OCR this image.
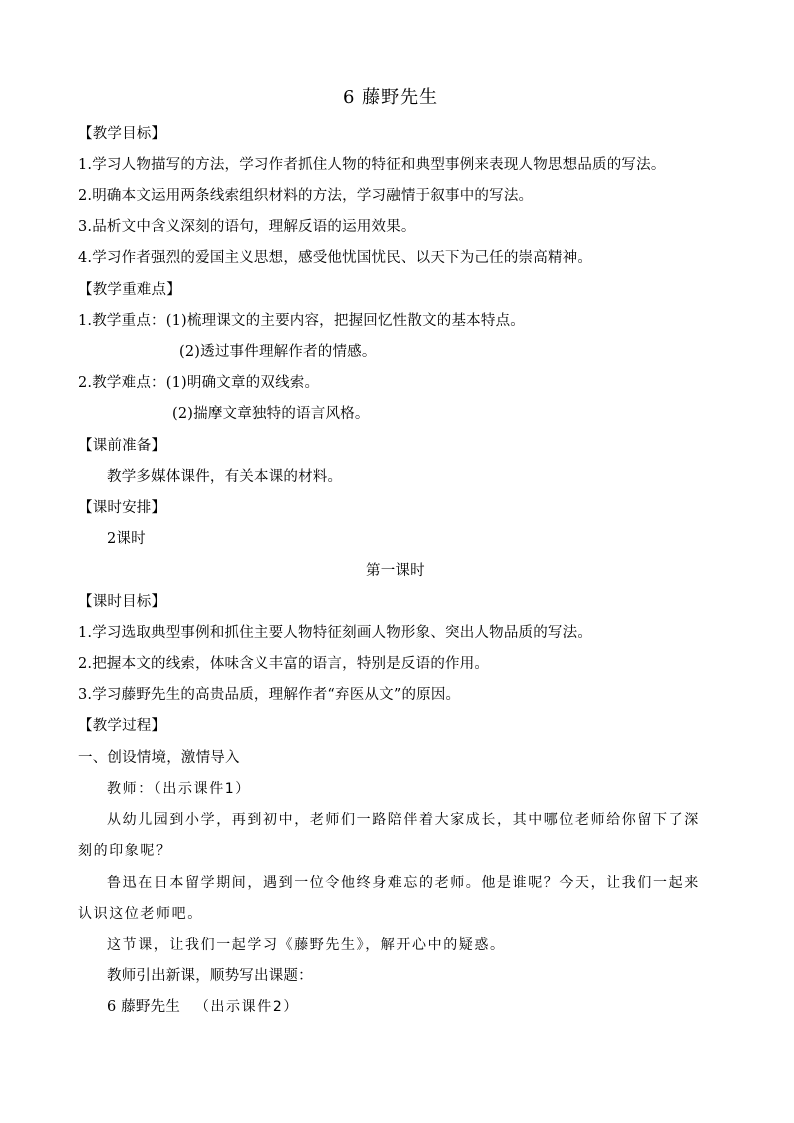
6 藤野先生
【教学目标】
1.学习人物描写的方法，学习作者抓住人物的特征和典型事例来表现人物思想品质的写法。
2.明确本文运用两条线索组织材料的方法，学习融情于叙事中的写法。
3.品析文中含义深刻的语句，理解反语的运用效果。
4.学习作者强烈的爱国主义思想，感受他忧国忧民、以天下为己任的崇高精神。
【教学重难点】
1.教学重点：(1)梳理课文的主要内容，把握回忆性散文的基本特点。
(2)透过事件理解作者的情感。
2.教学难点：(1)明确文章的双线索。
(2)揣摩文章独特的语言风格。
【课前准备】
教学多媒体课件，有关本课的材料。
【课时安排】
2课时
第一课时
【课时目标】
1.学习选取典型事例和抓住主要人物特征刻画人物形象、突出人物品质的写法。
2.把握本文的线索，体味含义丰富的语言，特别是反语的作用。
3.学习藤野先生的高贵品质，理解作者“弃医从文”的原因。
【教学过程】
一、创设情境，激情导入
教师：（出示课件1）
从幼儿园到小学，再到初中，老师们一路陪伴着大家成长，其中哪位老师给你留下了深
刻的印象呢？
鲁迅在日本留学期间，遇到一位令他终身难忘的老师。他是谁呢？今天，让我们一起来
认识这位老师吧。
这节课，让我们一起学习《藤野先生》，解开心中的疑惑。
教师引出新课，顺势写出课题：
6 藤野先生 （出示课件2）
